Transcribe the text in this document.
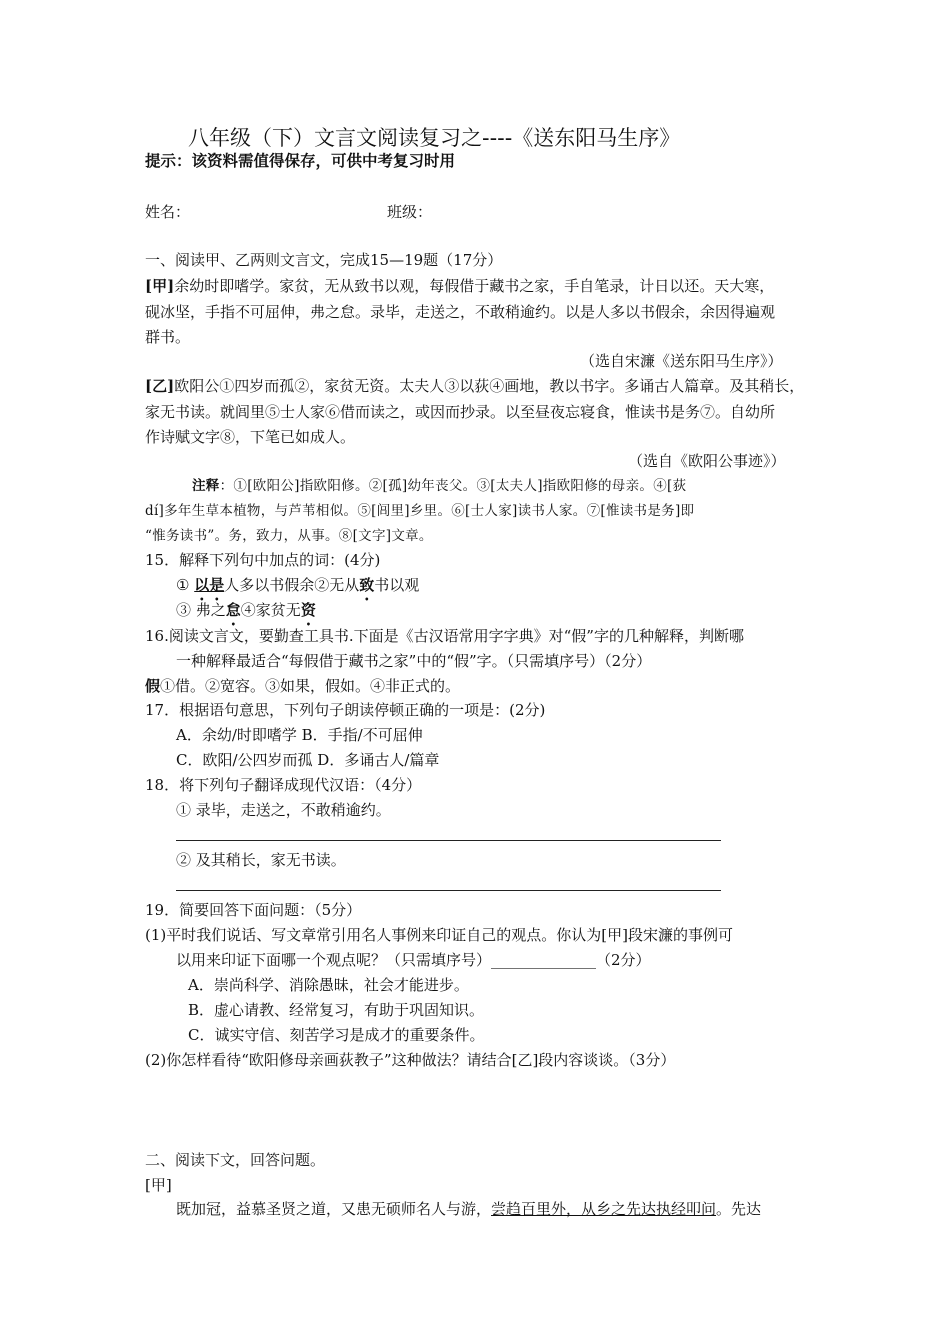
八年级（下）文言文阅读复习之----《送东阳马生序》
提示：该资料需值得保存，可供中考复习时用
姓名：	班级：
一、阅读甲、乙两则文言文，完成15—19题（17分）
[甲]余幼时即嗜学。家贫，无从致书以观，每假借于藏书之家，手自笔录，计日以还。天大寒，
砚冰坚，手指不可屈伸，弗之怠。录毕，走送之，不敢稍逾约。以是人多以书假余，余因得遍观
群书。
（选自宋濂《送东阳马生序》）
[乙]欧阳公①四岁而孤②，家贫无资。太夫人③以荻④画地，教以书字。多诵古人篇章。及其稍长，
家无书读。就闾里⑤士人家⑥借而读之，或因而抄录。以至昼夜忘寝食，惟读书是务⑦。自幼所
作诗赋文字⑧，下笔已如成人。
（选自《欧阳公事迹》）
注释：①[欧阳公]指欧阳修。②[孤]幼年丧父。③[太夫人]指欧阳修的母亲。④[荻
dí]多年生草本植物，与芦苇相似。⑤[闾里]乡里。⑥[士人家]读书人家。⑦[惟读书是务]即
“惟务读书”。务，致力，从事。⑧[文字]文章。
15．解释下列句中加点的词：(4分)
① 以是人多以书假余②无从致书以观
③ 弗之怠④家贫无资
16.阅读文言文，要勤查工具书.下面是《古汉语常用字字典》对“假”字的几种解释，判断哪
一种解释最适合“每假借于藏书之家”中的“假”字。（只需填序号）（2分）
假①借。②宽容。③如果，假如。④非正式的。
17．根据语句意思，下列句子朗读停顿正确的一项是：(2分)
A．余幼/时即嗜学 B．手指/不可屈伸
C．欧阳/公四岁而孤 D．多诵古人/篇章
18．将下列句子翻译成现代汉语：（4分）
① 录毕，走送之，不敢稍逾约。
② 及其稍长，家无书读。
19．简要回答下面问题：（5分）
(1)平时我们说话、写文章常引用名人事例来印证自己的观点。你认为[甲]段宋濂的事例可
以用来印证下面哪一个观点呢？（只需填序号）______________（2分）
A．崇尚科学、消除愚昧，社会才能进步。
B．虚心请教、经常复习，有助于巩固知识。
C．诚实守信、刻苦学习是成才的重要条件。
(2)你怎样看待“欧阳修母亲画荻教子”这种做法？请结合[乙]段内容谈谈。（3分）
二、阅读下文，回答问题。
[甲]
既加冠，益慕圣贤之道，又患无硕师名人与游，尝趋百里外，从乡之先达执经叩问。先达
